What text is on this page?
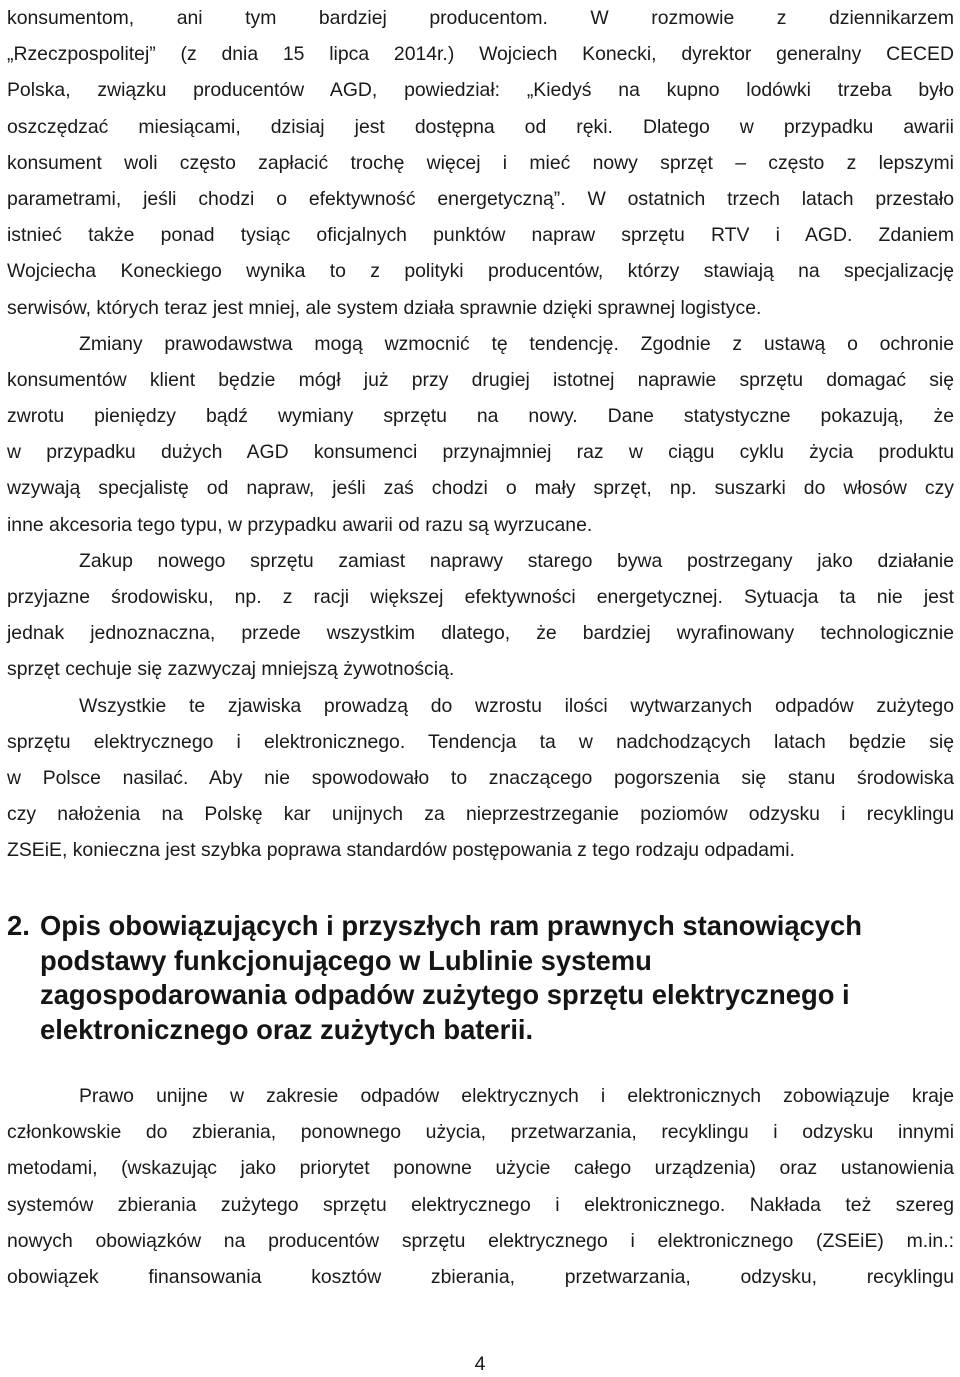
konsumentom, ani tym bardziej producentom. W rozmowie z dziennikarzem
„Rzeczpospolitej” (z dnia 15 lipca 2014r.) Wojciech Konecki, dyrektor generalny CECED
Polska, związku producentów AGD, powiedział: „Kiedyś na kupno lodówki trzeba było
oszczędzać miesiącami, dzisiaj jest dostępna od ręki. Dlatego w przypadku awarii
konsument woli często zapłacić trochę więcej i mieć nowy sprzęt – często z lepszymi
parametrami, jeśli chodzi o efektywność energetyczną”. W ostatnich trzech latach przestało
istnieć także ponad tysiąc oficjalnych punktów napraw sprzętu RTV i AGD. Zdaniem
Wojciecha Koneckiego wynika to z polityki producentów, którzy stawiają na specjalizację
serwisów, których teraz jest mniej, ale system działa sprawnie dzięki sprawnej logistyce.
Zmiany prawodawstwa mogą wzmocnić tę tendencję. Zgodnie z ustawą o ochronie
konsumentów klient będzie mógł już przy drugiej istotnej naprawie sprzętu domagać się
zwrotu pieniędzy bądź wymiany sprzętu na nowy. Dane statystyczne pokazują, że
w przypadku dużych AGD konsumenci przynajmniej raz w ciągu cyklu życia produktu
wzywają specjalistę od napraw, jeśli zaś chodzi o mały sprzęt, np. suszarki do włosów czy
inne akcesoria tego typu, w przypadku awarii od razu są wyrzucane.
Zakup nowego sprzętu zamiast naprawy starego bywa postrzegany jako działanie
przyjazne środowisku, np. z racji większej efektywności energetycznej. Sytuacja ta nie jest
jednak jednoznaczna, przede wszystkim dlatego, że bardziej wyrafinowany technologicznie
sprzęt cechuje się zazwyczaj mniejszą żywotnością.
Wszystkie te zjawiska prowadzą do wzrostu ilości wytwarzanych odpadów zużytego
sprzętu elektrycznego i elektronicznego. Tendencja ta w nadchodzących latach będzie się
w Polsce nasilać. Aby nie spowodowało to znaczącego pogorszenia się stanu środowiska
czy nałożenia na Polskę kar unijnych za nieprzestrzeganie poziomów odzysku i recyklingu
ZSEiE, konieczna jest szybka poprawa standardów postępowania z tego rodzaju odpadami.
2. Opis obowiązujących i przyszłych ram prawnych stanowiących
podstawy funkcjonującego w Lublinie systemu
zagospodarowania odpadów zużytego sprzętu elektrycznego i
elektronicznego oraz zużytych baterii.
Prawo unijne w zakresie odpadów elektrycznych i elektronicznych zobowiązuje kraje
członkowskie do zbierania, ponownego użycia, przetwarzania, recyklingu i odzysku innymi
metodami, (wskazując jako priorytet ponowne użycie całego urządzenia) oraz ustanowienia
systemów zbierania zużytego sprzętu elektrycznego i elektronicznego. Nakłada też szereg
nowych obowiązków na producentów sprzętu elektrycznego i elektronicznego (ZSEiE) m.in.:
obowiązek finansowania kosztów zbierania, przetwarzania, odzysku, recyklingu
4
